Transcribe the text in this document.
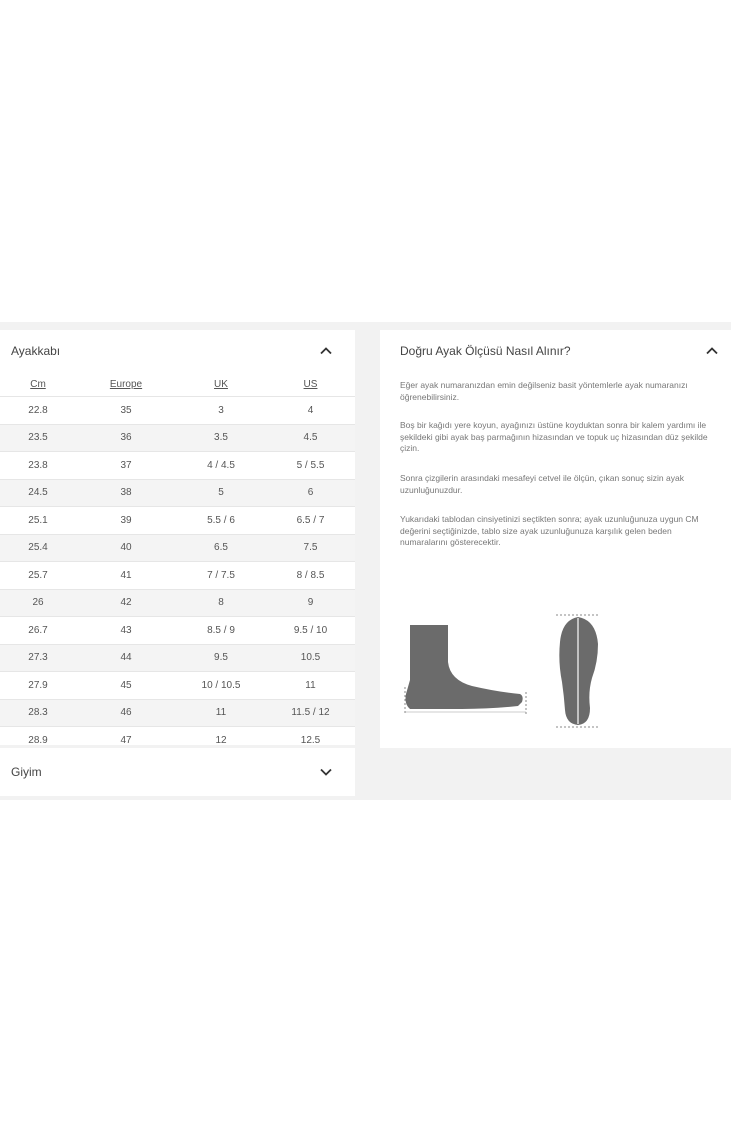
Ayakkabı
Cm	Europe	UK	US
22.8	35	3	4
23.5	36	3.5	4.5
23.8	37	4 / 4.5	5 / 5.5
24.5	38	5	6
25.1	39	5.5 / 6	6.5 / 7
25.4	40	6.5	7.5
25.7	41	7 / 7.5	8 / 8.5
26	42	8	9
26.7	43	8.5 / 9	9.5 / 10
27.3	44	9.5	10.5
27.9	45	10 / 10.5	11
28.3	46	11	11.5 / 12
28.9	47	12	12.5
Giyim
Doğru Ayak Ölçüsü Nasıl Alınır?

Eğer ayak numaranızdan emin değilseniz basit yöntemlerle ayak numaranızı öğrenebilirsiniz.

Boş bir kağıdı yere koyun, ayağınızı üstüne koyduktan sonra bir kalem yardımı ile şekildeki gibi ayak baş parmağının hizasından ve topuk uç hizasından düz şekilde çizin.

Sonra çizgilerin arasındaki mesafeyi cetvel ile ölçün, çıkan sonuç sizin ayak uzunluğunuzdur.

Yukarıdaki tablodan cinsiyetinizi seçtikten sonra; ayak uzunluğunuza uygun CM değerini seçtiğinizde, tablo size ayak uzunluğunuza karşılık gelen beden numaralarını gösterecektir.
